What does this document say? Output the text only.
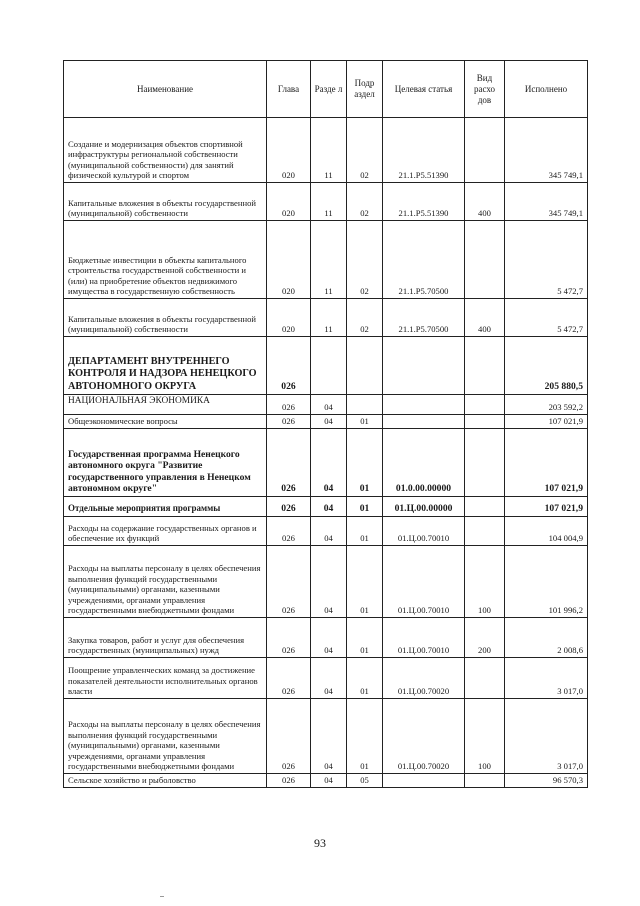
Наименование	Глава	Разде л	Подр аздел	Целевая статья	Вид расхо дов	Исполнено
Создание и модернизация объектов спортивной инфраструктуры региональной собственности (муниципальной собственности) для занятий физической культурой и спортом	020	11	02	21.1.Р5.51390		345 749,1
Капитальные вложения в объекты государственной (муниципальной) собственности	020	11	02	21.1.Р5.51390	400	345 749,1
Бюджетные инвестиции в объекты капитального строительства государственной собственности и (или) на приобретение объектов недвижимого имущества в государственную собственность	020	11	02	21.1.Р5.70500		5 472,7
Капитальные вложения в объекты государственной (муниципальной) собственности	020	11	02	21.1.Р5.70500	400	5 472,7
ДЕПАРТАМЕНТ ВНУТРЕННЕГО КОНТРОЛЯ И НАДЗОРА НЕНЕЦКОГО АВТОНОМНОГО ОКРУГА	026					205 880,5
НАЦИОНАЛЬНАЯ ЭКОНОМИКА	026	04				203 592,2
Общеэкономические вопросы	026	04	01			107 021,9
Государственная программа Ненецкого автономного округа "Развитие государственного управления в Ненецком автономном округе"	026	04	01	01.0.00.00000		107 021,9
Отдельные мероприятия программы	026	04	01	01.Ц.00.00000		107 021,9
Расходы на содержание государственных органов и обеспечение их функций	026	04	01	01.Ц.00.70010		104 004,9
Расходы на выплаты персоналу в целях обеспечения выполнения функций государственными (муниципальными) органами, казенными учреждениями, органами управления государственными внебюджетными фондами	026	04	01	01.Ц.00.70010	100	101 996,2
Закупка товаров, работ и услуг для обеспечения государственных (муниципальных) нужд	026	04	01	01.Ц.00.70010	200	2 008,6
Поощрение управленческих команд за достижение показателей деятельности исполнительных органов власти	026	04	01	01.Ц.00.70020		3 017,0
Расходы на выплаты персоналу в целях обеспечения выполнения функций государственными (муниципальными) органами, казенными учреждениями, органами управления государственными внебюджетными фондами	026	04	01	01.Ц.00.70020	100	3 017,0
Сельское хозяйство и рыболовство	026	04	05			96 570,3
93
